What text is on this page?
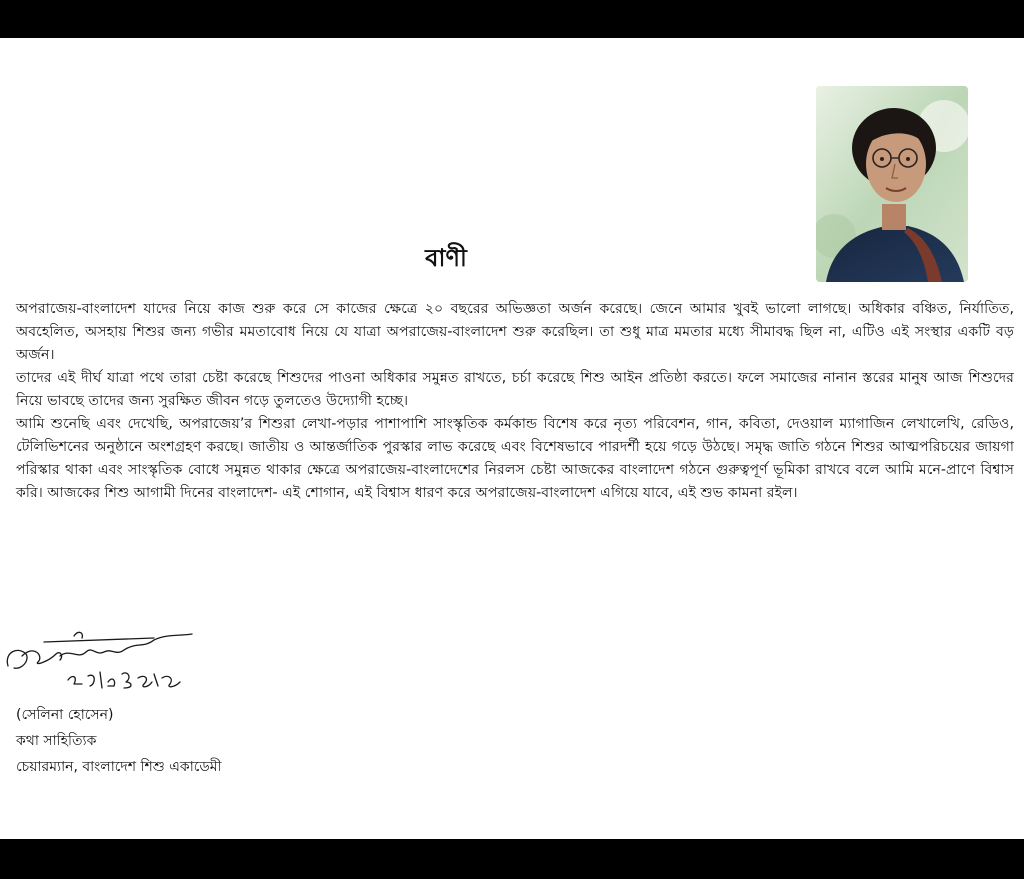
বাণী

অপরাজেয়-বাংলাদেশ যাদের নিয়ে কাজ শুরু করে সে কাজের ক্ষেত্রে ২০ বছরের অভিজ্ঞতা অর্জন করেছে। জেনে আমার খুবই ভালো লাগছে। অধিকার বঞ্চিত, নির্যাতিত, অবহেলিত, অসহায় শিশুর জন্য গভীর মমতাবোধ নিয়ে যে যাত্রা অপরাজেয়-বাংলাদেশ শুরু করেছিল। তা শুধু মাত্র মমতার মধ্যে সীমাবদ্ধ ছিল না, এটিও এই সংস্থার একটি বড় অর্জন।

তাদের এই দীর্ঘ যাত্রা পথে তারা চেষ্টা করেছে শিশুদের পাওনা অধিকার সমুন্নত রাখতে, চর্চা করেছে শিশু আইন প্রতিষ্ঠা করতে। ফলে সমাজের নানান স্তরের মানুষ আজ শিশুদের নিয়ে ভাবছে তাদের জন্য সুরক্ষিত জীবন গড়ে তুলতেও উদ্যোগী হচ্ছে।

আমি শুনেছি এবং দেখেছি, অপরাজেয়’র শিশুরা লেখা-পড়ার পাশাপাশি সাংস্কৃতিক কর্মকান্ড বিশেষ করে নৃত্য পরিবেশন, গান, কবিতা, দেওয়াল ম্যাগাজিন লেখালেখি, রেডিও, টেলিভিশনের অনুষ্ঠানে অংশগ্রহণ করছে। জাতীয় ও আন্তর্জাতিক পুরস্কার লাভ করেছে এবং বিশেষভাবে পারদর্শী হয়ে গড়ে উঠছে। সমৃদ্ধ জাতি গঠনে শিশুর আত্মপরিচয়ের জায়গা পরিস্কার থাকা এবং সাংস্কৃতিক বোধে সমুন্নত থাকার ক্ষেত্রে অপরাজেয়-বাংলাদেশের নিরলস চেষ্টা আজকের বাংলাদেশ গঠনে গুরুত্বপূর্ণ ভূমিকা রাখবে বলে আমি মনে-প্রাণে বিশ্বাস করি। আজকের শিশু আগামী দিনের বাংলাদেশ- এই শোগান, এই বিশ্বাস ধারণ করে অপরাজেয়-বাংলাদেশ এগিয়ে যাবে, এই শুভ কামনা রইল।

(সেলিনা হোসেন)
কথা সাহিত্যিক
চেয়ারম্যান, বাংলাদেশ শিশু একাডেমী
